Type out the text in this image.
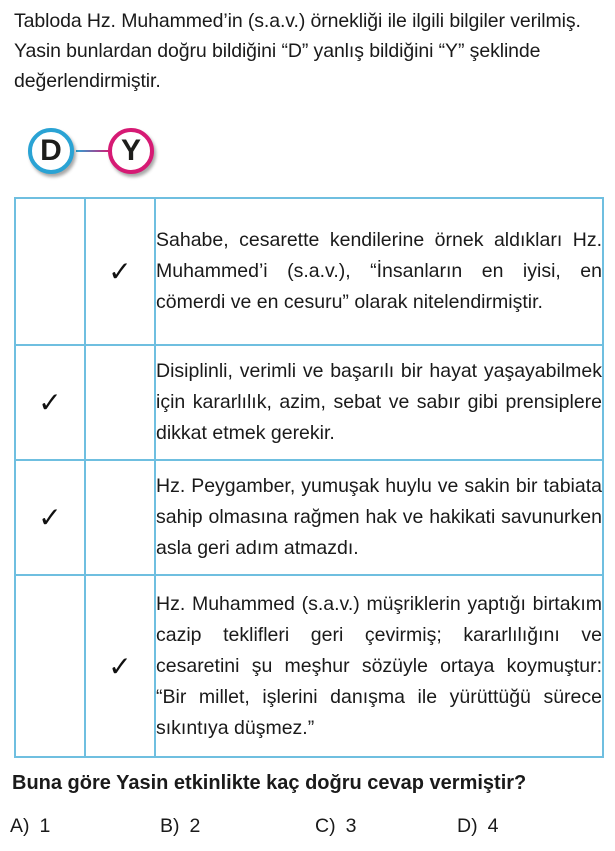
Tabloda Hz. Muhammed’in (s.a.v.) örnekliği ile ilgili bilgiler verilmiş. Yasin bunlardan doğru bildiğini “D” yanlış bildiğini “Y” şeklinde değerlendirmiştir.

D	Y
	✓	Sahabe, cesarette kendilerine örnek aldıkları Hz. Muhammed’i (s.a.v.), “İnsanların en iyisi, en cömerdi ve en cesuru” olarak nitelendirmiştir.
✓		Disiplinli, verimli ve başarılı bir hayat yaşayabilmek için kararlılık, azim, sebat ve sabır gibi prensiplere dikkat etmek gerekir.
✓		Hz. Peygamber, yumuşak huylu ve sakin bir tabiata sahip olmasına rağmen hak ve hakikati savunurken asla geri adım atmazdı.
	✓	Hz. Muhammed (s.a.v.) müşriklerin yaptığı birtakım cazip teklifleri geri çevirmiş; kararlılığını ve cesaretini şu meşhur sözüyle ortaya koymuştur: “Bir millet, işlerini danışma ile yürüttüğü sürece sıkıntıya düşmez.”

Buna göre Yasin etkinlikte kaç doğru cevap vermiştir?

A) 1	B) 2	C) 3	D) 4
